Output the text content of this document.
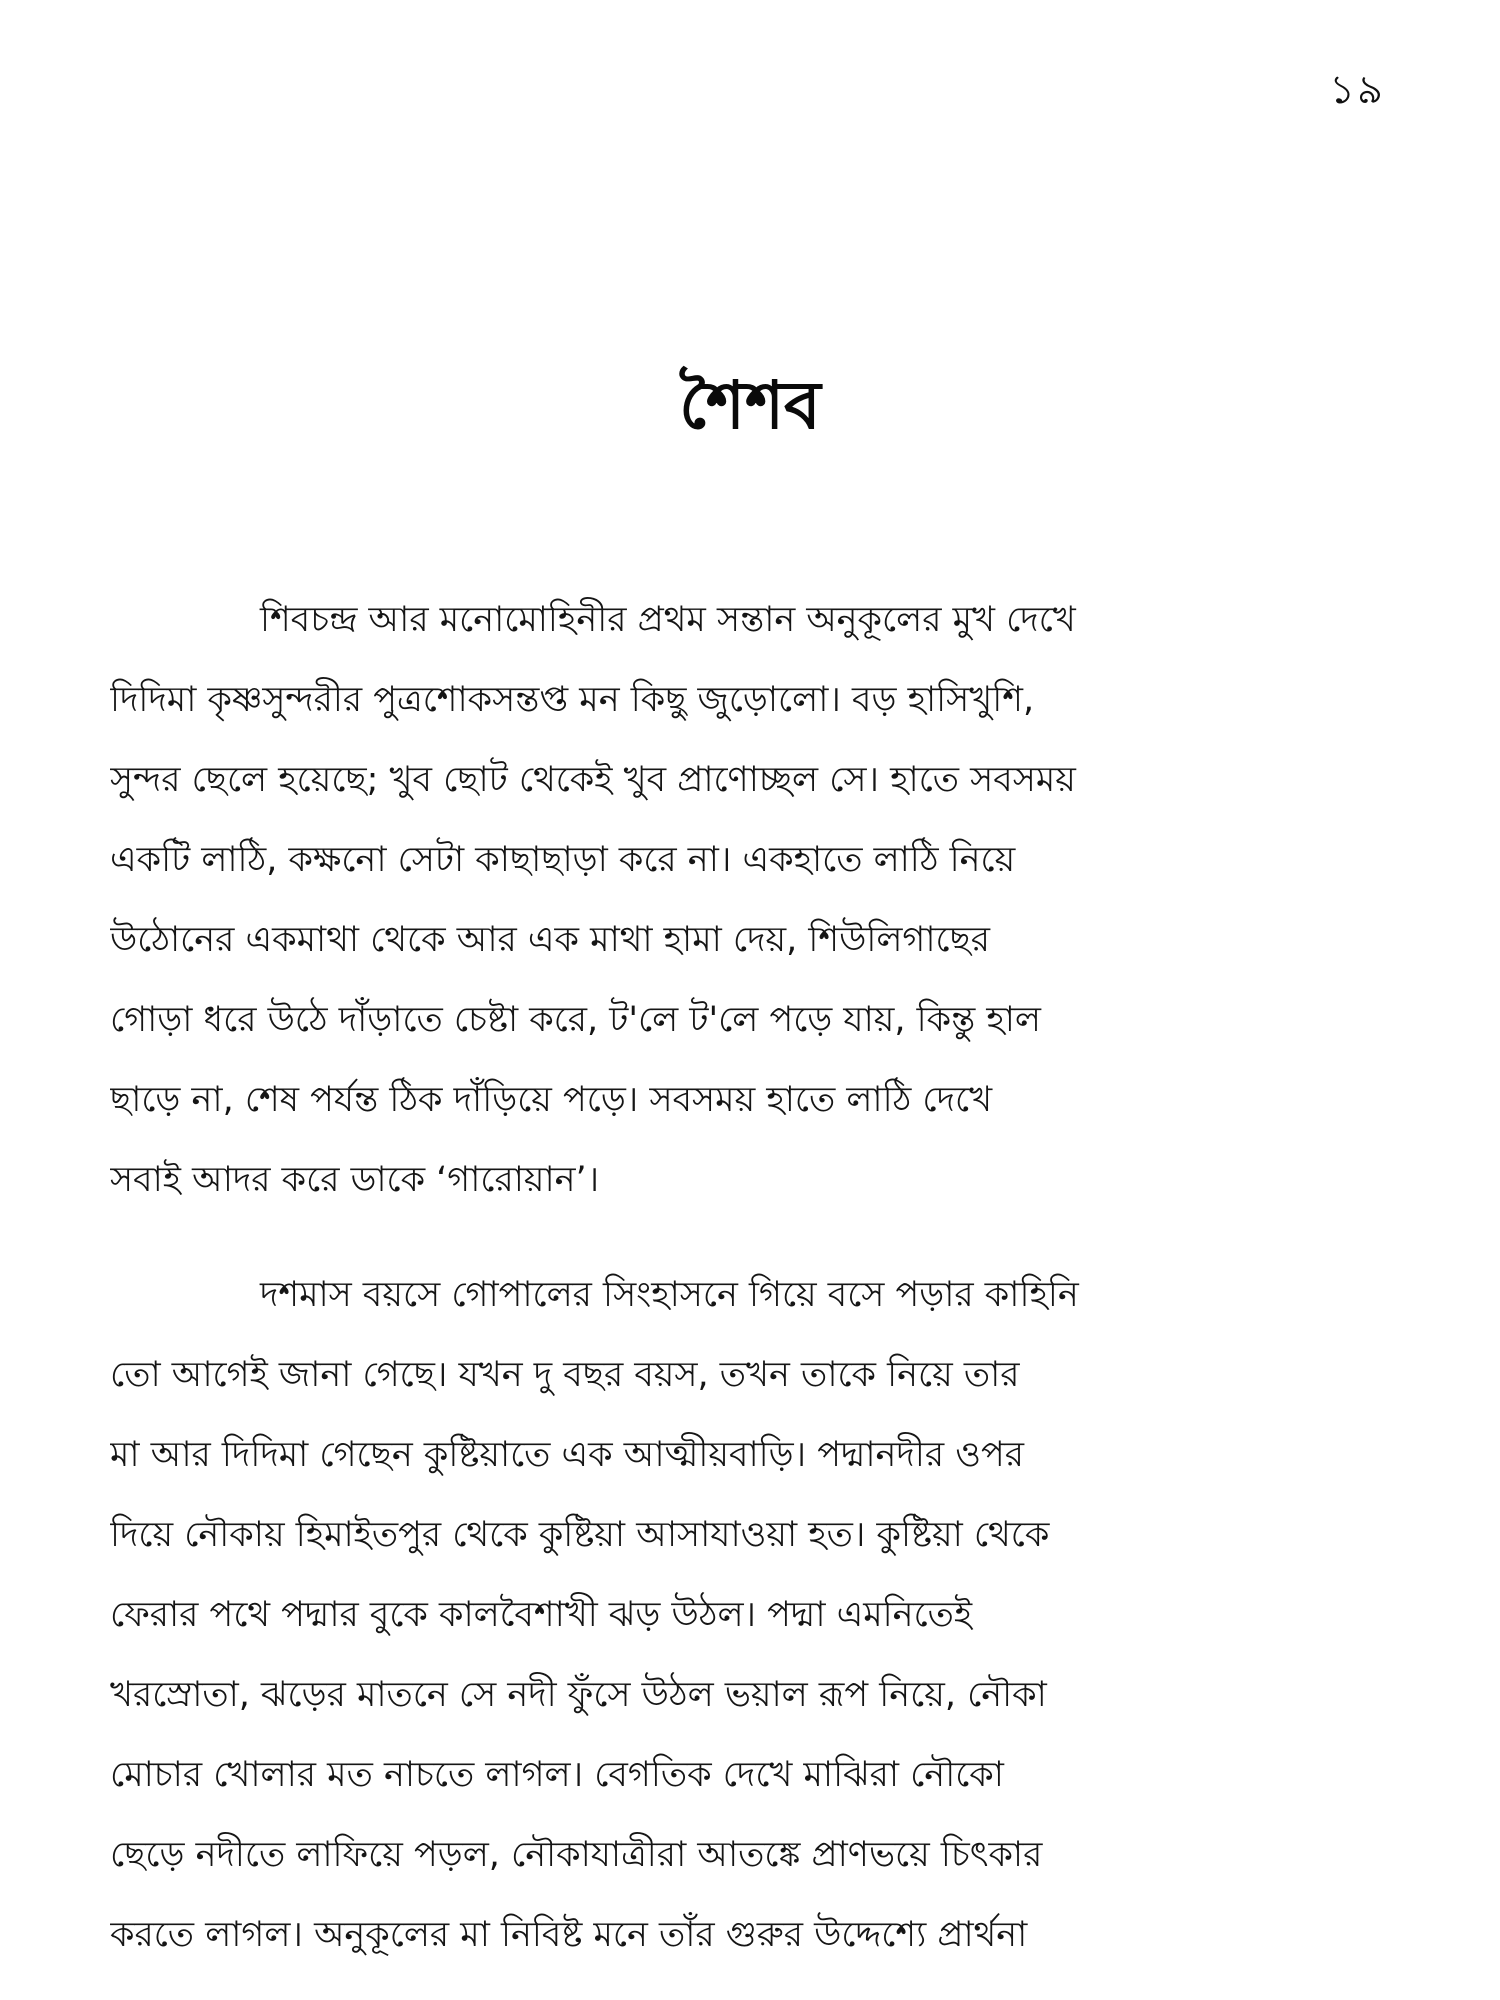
১৯
শৈশব
শিবচন্দ্র আর মনোমোহিনীর প্রথম সন্তান অনুকূলের মুখ দেখে
দিদিমা কৃষ্ণসুন্দরীর পুত্রশোকসন্তপ্ত মন কিছু জুড়োলো। বড় হাসিখুশি,
সুন্দর ছেলে হয়েছে; খুব ছোট থেকেই খুব প্রাণোচ্ছল সে। হাতে সবসময়
একটি লাঠি, কক্ষনো সেটা কাছাছাড়া করে না। একহাতে লাঠি নিয়ে
উঠোনের একমাথা থেকে আর এক মাথা হামা দেয়, শিউলিগাছের
গোড়া ধরে উঠে দাঁড়াতে চেষ্টা করে, ট'লে ট'লে পড়ে যায়, কিন্তু হাল
ছাড়ে না, শেষ পর্যন্ত ঠিক দাঁড়িয়ে পড়ে। সবসময় হাতে লাঠি দেখে
সবাই আদর করে ডাকে ‘গারোয়ান’।
দশমাস বয়সে গোপালের সিংহাসনে গিয়ে বসে পড়ার কাহিনি
তো আগেই জানা গেছে। যখন দু বছর বয়স, তখন তাকে নিয়ে তার
মা আর দিদিমা গেছেন কুষ্টিয়াতে এক আত্মীয়বাড়ি। পদ্মানদীর ওপর
দিয়ে নৌকায় হিমাইতপুর থেকে কুষ্টিয়া আসাযাওয়া হত। কুষ্টিয়া থেকে
ফেরার পথে পদ্মার বুকে কালবৈশাখী ঝড় উঠল। পদ্মা এমনিতেই
খরস্রোতা, ঝড়ের মাতনে সে নদী ফুঁসে উঠল ভয়াল রূপ নিয়ে, নৌকা
মোচার খোলার মত নাচতে লাগল। বেগতিক দেখে মাঝিরা নৌকো
ছেড়ে নদীতে লাফিয়ে পড়ল, নৌকাযাত্রীরা আতঙ্কে প্রাণভয়ে চিৎকার
করতে লাগল। অনুকূলের মা নিবিষ্ট মনে তাঁর গুরুর উদ্দেশ্যে প্রার্থনা
